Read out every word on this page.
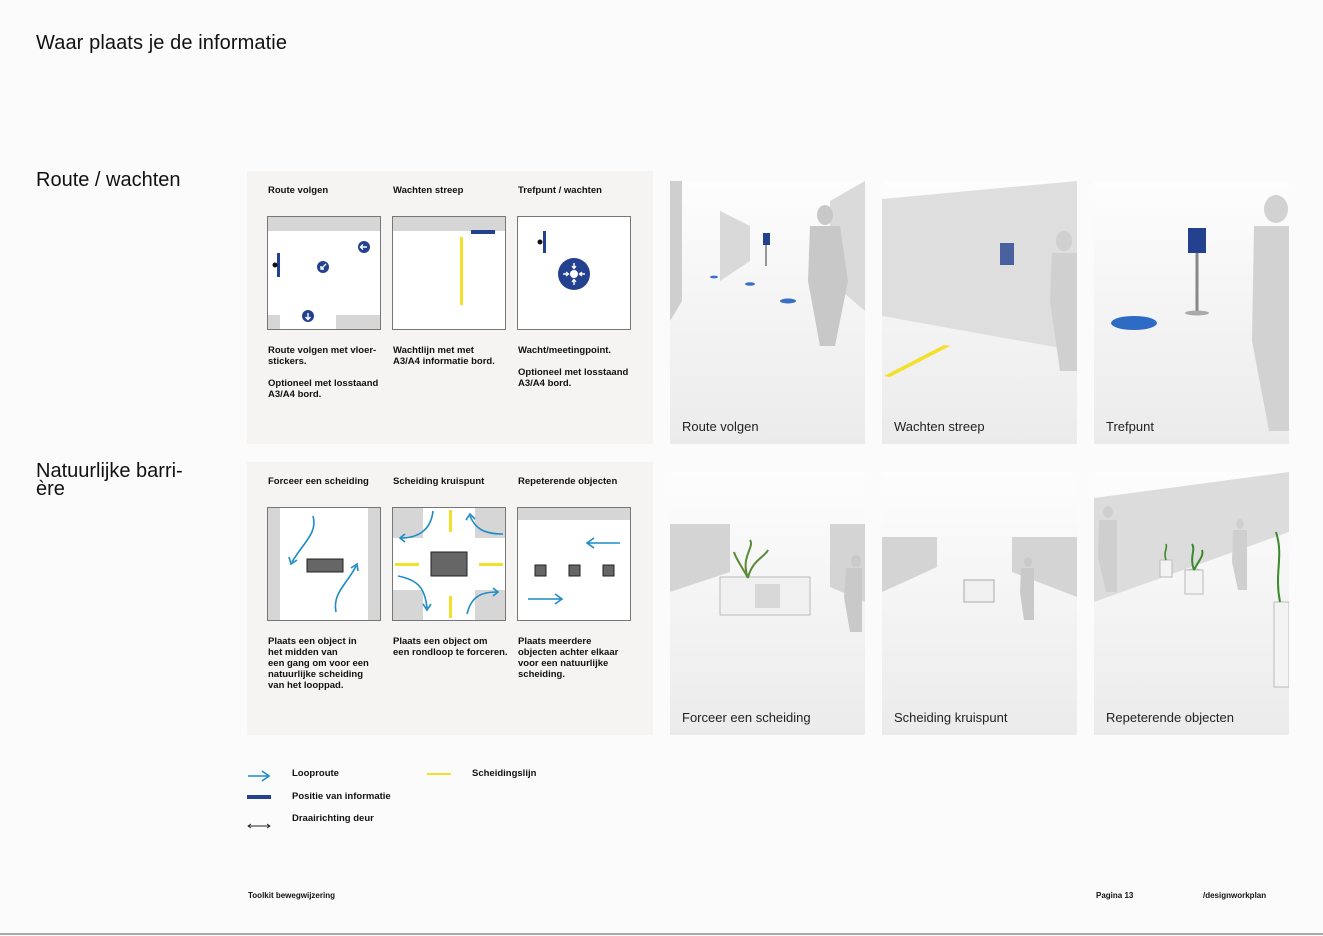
Waar plaats je de informatie
Route / wachten	Route volgen	Wachten streep	Trefpunt / wachten
Route volgen met vloer-
stickers.

Optioneel met losstaand
A3/A4 bord.
Wachtlijn met met
A3/A4 informatie bord.
Wacht/meetingpoint.

Optioneel met losstaand
A3/A4 bord.
Route volgen	Wachten streep	Trefpunt
Natuurlijke barri-
ère	Forceer een scheiding	Scheiding kruispunt	Repeterende objecten
Plaats een object in
het midden van
een gang om voor een
natuurlijke scheiding
van het looppad.
Plaats een object om
een rondloop te forceren.
Plaats meerdere
objecten achter elkaar
voor een natuurlijke
scheiding.
Forceer een scheiding	Scheiding kruispunt	Repeterende objecten
Looproute
Positie van informatie
Draairichting deur
Scheidingslijn
Toolkit bewegwijzering	Pagina 13	/designworkplan
